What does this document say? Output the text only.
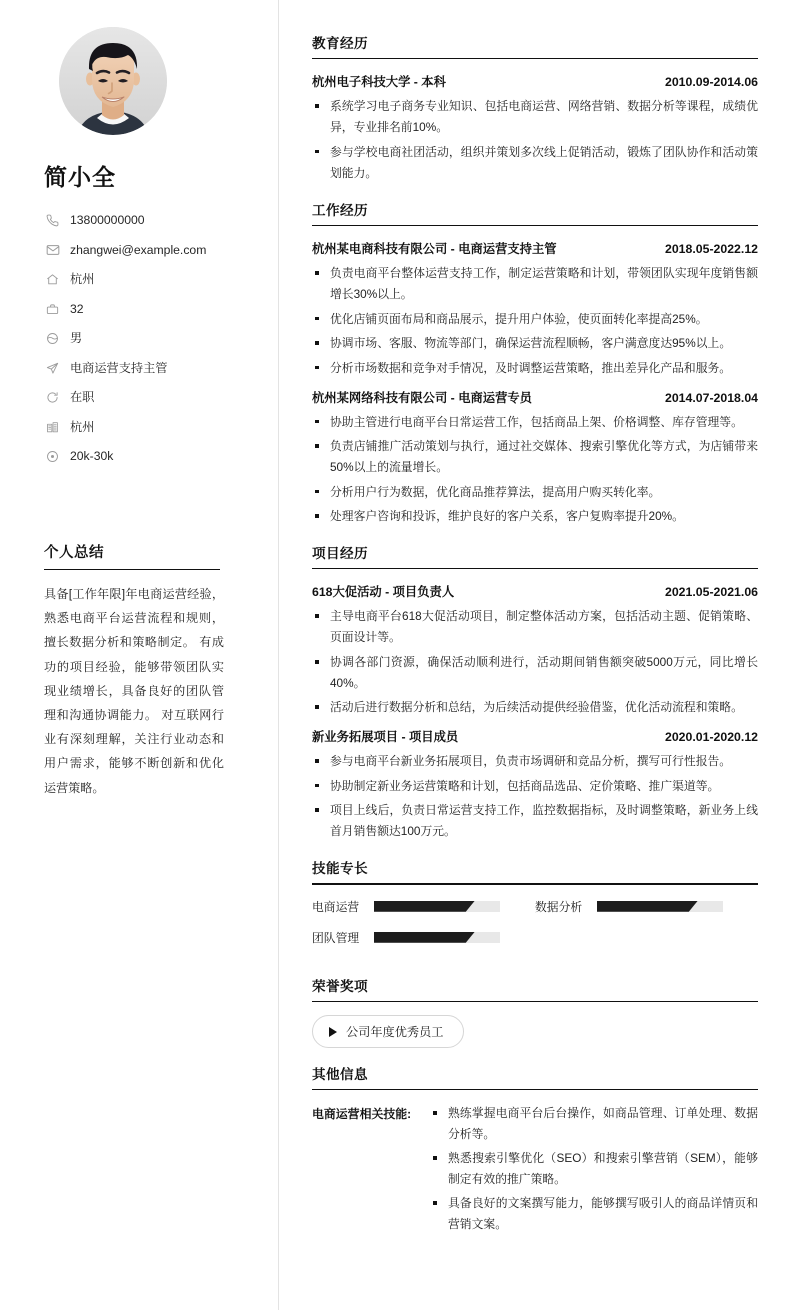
简小全
13800000000
zhangwei@example.com
杭州
32
男
电商运营支持主管
在职
杭州
20k-30k
个人总结

具备[工作年限]年电商运营经验，熟悉电商平台运营流程和规则，擅长数据分析和策略制定。 有成功的项目经验，能够带领团队实现业绩增长，具备良好的团队管理和沟通协调能力。 对互联网行业有深刻理解，关注行业动态和用户需求，能够不断创新和优化运营策略。

教育经历
杭州电子科技大学 - 本科	2010.09-2014.06
系统学习电子商务专业知识、包括电商运营、网络营销、数据分析等课程，成绩优异，专业排名前10%。
参与学校电商社团活动，组织并策划多次线上促销活动，锻炼了团队协作和活动策划能力。
工作经历
杭州某电商科技有限公司 - 电商运营支持主管	2018.05-2022.12
负责电商平台整体运营支持工作，制定运营策略和计划，带领团队实现年度销售额增长30%以上。
优化店铺页面布局和商品展示，提升用户体验，使页面转化率提高25%。
协调市场、客服、物流等部门，确保运营流程顺畅，客户满意度达95%以上。
分析市场数据和竞争对手情况，及时调整运营策略，推出差异化产品和服务。
杭州某网络科技有限公司 - 电商运营专员	2014.07-2018.04
协助主管进行电商平台日常运营工作，包括商品上架、价格调整、库存管理等。
负责店铺推广活动策划与执行，通过社交媒体、搜索引擎优化等方式，为店铺带来50%以上的流量增长。
分析用户行为数据，优化商品推荐算法，提高用户购买转化率。
处理客户咨询和投诉，维护良好的客户关系，客户复购率提升20%。
项目经历
618大促活动 - 项目负责人	2021.05-2021.06
主导电商平台618大促活动项目，制定整体活动方案，包括活动主题、促销策略、页面设计等。
协调各部门资源，确保活动顺利进行，活动期间销售额突破5000万元，同比增长40%。
活动后进行数据分析和总结，为后续活动提供经验借鉴，优化活动流程和策略。
新业务拓展项目 - 项目成员	2020.01-2020.12
参与电商平台新业务拓展项目，负责市场调研和竞品分析，撰写可行性报告。
协助制定新业务运营策略和计划，包括商品选品、定价策略、推广渠道等。
项目上线后，负责日常运营支持工作，监控数据指标，及时调整策略，新业务上线首月销售额达100万元。
技能专长
电商运营	数据分析
团队管理
荣誉奖项
公司年度优秀员工
其他信息
电商运营相关技能:	熟练掌握电商平台后台操作，如商品管理、订单处理、数据分析等。
熟悉搜索引擎优化（SEO）和搜索引擎营销（SEM），能够制定有效的推广策略。
具备良好的文案撰写能力，能够撰写吸引人的商品详情页和营销文案。
